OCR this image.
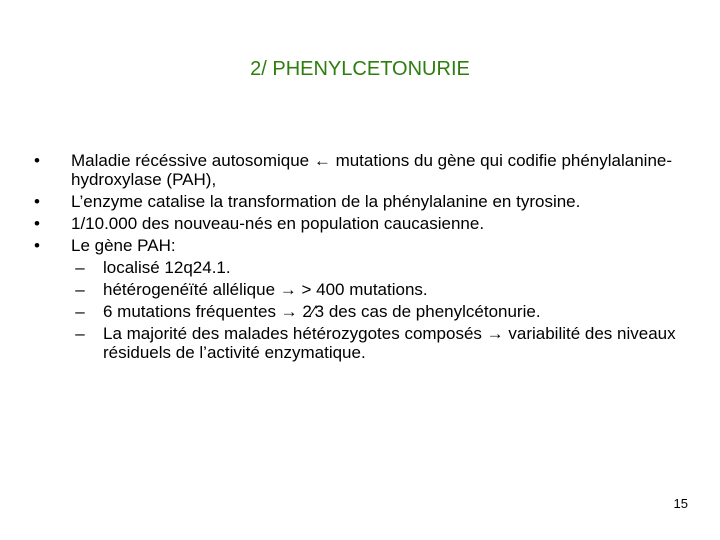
2/ PHENYLCETONURIE
• Maladie récéssive autosomique ← mutations du gène qui codifie phénylalanine-hydroxylase (PAH),
• L’enzyme catalise la transformation de la phénylalanine en tyrosine.
• 1/10.000 des nouveau-nés en population caucasienne.
• Le gène PAH:
– localisé 12q24.1.
– hétérogenéïté allélique → > 400 mutations.
– 6 mutations fréquentes → 2⁄3 des cas de phenylcétonurie.
– La majorité des malades hétérozygotes composés → variabilité des niveaux résiduels de l’activité enzymatique.
15
